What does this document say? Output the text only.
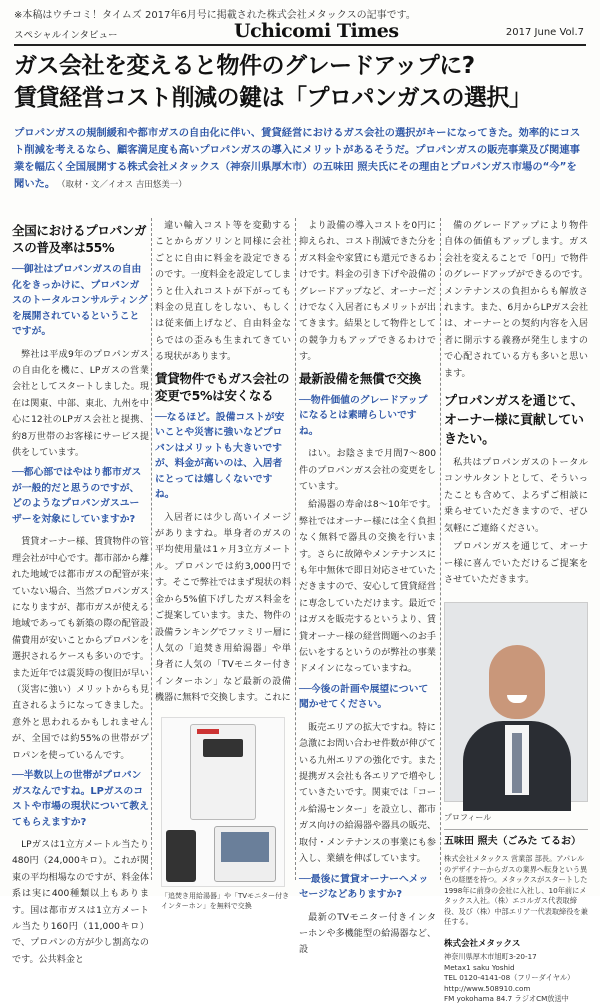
※本稿はウチコミ！タイムズ 2017年6月号に掲載された株式会社メタックスの記事です。
スペシャルインタビュー	Uchicomi Times	2017 June Vol.7
ガス会社を変えると物件のグレードアップに?
賃貸経営コスト削減の鍵は「プロパンガスの選択」
プロパンガスの規制緩和や都市ガスの自由化に伴い、賃貸経営におけるガス会社の選択がキーになってきた。効率的にコスト削減を考えるなら、顧客満足度も高いプロパンガスの導入にメリットがあるそうだ。プロパンガスの販売事業及び関連事業を幅広く全国展開する株式会社メタックス（神奈川県厚木市）の五味田 照夫氏にその理由とプロパンガス市場の“今”を聞いた。 （取材・文／イオス 吉田悠美一）
全国におけるプロパンガスの普及率は55%
──御社はプロパンガスの自由化をきっかけに、プロパンガスのトータルコンサルティングを展開されているということですが。

弊社は平成9年のプロパンガスの自由化を機に、LPガスの営業会社としてスタートしました。現在は関東、中部、東北、九州を中心に12社のLPガス会社と提携、約8万世帯のお客様にサービス提供をしています。

──都心部ではやはり都市ガスが一般的だと思うのですが、どのようなプロパンガスユーザーを対象にしていますか?

賃貸オーナー様、賃貸物件の管理会社が中心です。都市部から離れた地域では都市ガスの配管が来ていない場合、当然プロパンガスになりますが、都市ガスが使える地域であっても新築の際の配管設備費用が安いことからプロパンを選択されるケースも多いのです。また近年では震災時の復旧が早い（災害に強い）メリットからも見直されるようになってきました。意外と思われるかもしれませんが、全国では約55%の世帯がプロパンを使っているんです。

──半数以上の世帯がプロパンガスなんですね。LPガスのコストや市場の現状について教えてもらえますか?

LPガスは1立方メートル当たり480円（24,000キロ）。これが関東の平均相場なのですが、料金体系は実に400種類以上もあります。国は都市ガスは1立方メートル当たり160円（11,000キロ）で、プロパンの方が少し割高なのです。公共料金と

違い輸入コスト等を変動することからガソリンと同様に会社ごとに自由に料金を設定できるのです。一度料金を設定してしまうと仕入れコストが下がっても料金の見直しをしない、もしくは従来価上げなど、自由料金ならではの歪みも生まれてきている現状があります。

賃貸物件でもガス会社の変更で5%は安くなる
──なるほど。設備コストが安いことや災害に強いなどプロパンはメリットも大きいですが、料金が高いのは、入居者にとっては嬉しくないですね。

入居者には少し高いイメージがありますね。単身者のガスの平均使用量は1ヶ月3立方メートル。プロパンでは約3,000円です。そこで弊社ではまず現状の料金から5%値下げしたガス料金をご提案しています。また、物件の設備ランキングでファミリー層に人気の「追焚き用給湯器」や単身者に人気の「TVモニター付きインターホン」など最新の設備機器に無料で交換します。これに

「追焚き用給湯器」や「TVモニター付きインターホン」を無料で交換

より設備の導入コストを0円に抑えられ、コスト削減できた分をガス料金や家賃にも還元できるわけです。料金の引き下げや設備のグレードアップなど、オーナーだけでなく入居者にもメリットが出てきます。結果として物件としての競争力もアップできるわけです。

最新設備を無償で交換
──物件価値のグレードアップになるとは素晴らしいですね。

はい。お陰さまで月間7～800件のプロパンガス会社の変更をしています。

給湯器の寿命は8～10年です。弊社ではオーナー様には全く負担なく無料で器具の交換を行います。さらに故障やメンテナンスにも年中無休で即日対応させていただきますので、安心して賃貸経営に専念していただけます。最近ではガスを販売するというより、賃貸オーナー様の経営問題へのお手伝いをするというのが弊社の事業ドメインになっていますね。

──今後の計画や展望について聞かせてください。

販売エリアの拡大ですね。特に急激にお問い合わせ件数が伸びている九州エリアの強化です。また提携ガス会社も各エリアで増やしていきたいです。関東では「コール給湯センター」を設立し、都市ガス向けの給湯器や器具の販売、取付・メンテナンスの事業にも参入し、業績を伸ばしています。

──最後に賃貸オーナーへメッセージなどありますか?

最新のTVモニター付きインターホンや多機能型の給湯器など、設

備のグレードアップにより物件自体の価値もアップします。ガス会社を変えることで「0円」で物件のグレードアップができるのです。メンテナンスの負担からも解放されます。また、6月からLPガス会社は、オーナーとの契約内容を入居者に開示する義務が発生しますので心配されている方も多いと思います。

プロパンガスを通じて、オーナー様に貢献していきたい。

私共はプロパンガスのトータルコンサルタントとして、そういったことも含めて、よろずご相談に乗らせていただきますので、ぜひ気軽にご連絡ください。

プロパンガスを通じて、オーナー様に喜んでいただけるご提案をさせていただきます。

プロフィール
五味田 照夫（ごみた てるお）
株式会社メタックス 営業部 部長。アパレルのデザイナーからガスの業界へ転身という異色の経歴を持つ。メタックスがスタートした1998年に前身の会社に入社し、10年前にメタックス入社。（株）エコルガス代表取締役、及び（株）中部エリア一代表取締役を兼任する。
株式会社メタックス
神奈川県厚木市旭町3-20-17
Metax1 saku Yoshid
TEL 0120-4141-08（フリーダイヤル）
http://www.508910.com
FM yokohama 84.7 ラジオCM放送中
